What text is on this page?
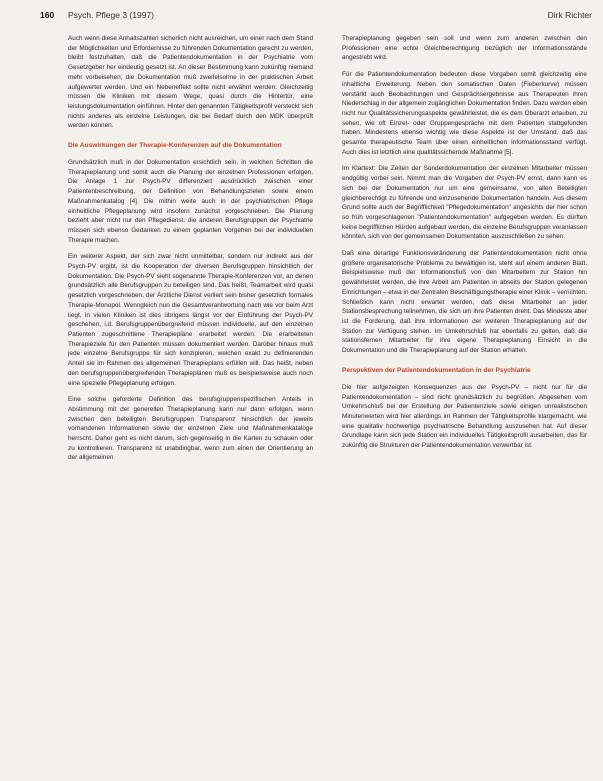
160 Psych. Pflege 3 (1997)	Dirk Richter

Auch wenn diese Anhaltszahlen sicherlich nicht ausreichen, um einer nach dem Stand der Möglichkeiten und Erfordernisse zu führenden Dokumentation gerecht zu werden, bleibt festzuhalten, daß die Patientendokumentation in der Psychiatrie vom Gesetzgeber her eindeutig gesetzt ist. An dieser Bestimmung kann zukünftig niemand mehr vorbeisehen; die Dokumentation muß zweifelsohne in der praktischen Arbeit aufgewertet werden. Und ein Nebeneffekt sollte nicht erwähnt werden: Gleichzeitig müssen die Kliniken mit diesem Wege, quasi durch die Hintertür, eine leistungsdokumentation einführen. Hinter den genannten Tätigkeitsprofil versteckt sich nichts anderes als einzelne Leistungen, die bei Bedarf durch den MDK überprüft werden können.

Die Auswirkungen der Therapie-Konferenzen auf die Dokumentation

Grundsätzlich muß in der Dokumentation ersichtlich sein, in welchen Schritten die Therapieplanung und somit auch die Planung der einzelnen Professionen erfolgen. Die Anlage 1 zur Psych-PV differenziert ausdrücklich zwischen einer Patientenbeschreibung, der Definition von Behandlungszielen sowie einem Maßnahmenkatalog [4]. Die mithin weite auch in der psychiatrischen Pflege einheitliche Pflegeplanung wird insofern zunächst vorgeschrieben. Die Planung bezieht aber nicht nur den Pflegedienst: die anderen Berufsgruppen der Psychiatrie müssen sich ebenso Gedanken zu einem geplanten Vorgehen bei der individuellen Therapie machen.

Ein weiterer Aspekt, der sich zwar nicht unmittelbar, sondern nur indirekt aus der Psych-PV ergibt, ist die Kooperation der diversen Berufsgruppen hinsichtlich der Dokumentation. Die Psych-PV sieht sogenannte Therapie-Konferenzen vor, an denen grundsätzlich alle Berufsgruppen zu beteiligen sind. Das heißt, Teamarbeit wird quasi gesetzlich vorgeschrieben, der Ärztliche Dienst verliert sein bisher gesetzlich formales Therapie-Monopol. Wenngleich nun die Gesamtverantwortung nach wie vor beim Arzt liegt, in vielen Kliniken ist dies übrigens längst vor der Einführung der Psych-PV geschehen, i.d. Berufsgruppenübergreifend müssen individuelle, auf den einzelnen Patienten zugeschnittene Therapiepläne erarbeitet werden. Die erarbeiteten Therapieziele für den Patienten müssen dokumentiert werden. Darüber hinaus muß jede einzelne Berufsgruppe für sich konzipieren, welchen exakt zu definierenden Anteil sie im Rahmen des allgemeinen Therapieplans erfüllen will. Das heißt, neben den berufsgruppenübergreifenden Therapieplänen muß es beispielsweise auch noch eine spezielle Pflegeplanung erfolgen.

Eine solche geforderte Definition des berufsgruppenspezifischen Anteils in Abstimmung mit der generellen Therapieplanung kann nur dann erfolgen, wenn zwischen den beteiligten Berufsgruppen Transparenz hinsichtlich der jeweils vorhandenen Informationen sowie der einzelnen Ziele und Maßnahmenkataloge herrscht. Daher geht es nicht darum, sich gegenseitig in die Karten zu schauen oder zu kontrollieren. Transparenz ist unabdingbar, wenn zum einen der Orientierung an der allgemeinen

Therapieplanung gegeben sein soll und wenn zum anderen zwischen den Professionen eine echte Gleichberechtigung bezüglich der Informationsstände angestrebt wird.

Für die Patientendokumentation bedeuten diese Vorgaben somit gleichzeitig eine inhaltliche Erweiterung. Neben den somatischen Daten (Fieberkurve) müssen verstärkt auch Beobachtungen und Gesprächsergebnisse aus Therapeuten ihren Niederschlag in der allgemein zugänglichen Dokumentation finden. Dazu werden eben nicht nur Qualitätssicherungsaspekte gewährleistet, die es dem Oberarzt erlauben, zu sehen, wie oft Einzel- oder Gruppengespräche mit dem Patienten stattgefunden haben. Mindestens ebenso wichtig wie diese Aspekte ist der Umstand, daß das gesamte therapeutische Team über einen einheitlichen Informationsstand verfügt. Auch dies ist letztlich eine qualitätssichernde Maßnahme [5].

Im Klartext: Die Zeiten der Sonderdokumentation der einzelnen Mitarbeiter müssen endgültig vorbei sein. Nimmt man die Vorgaben der Psych-PV ernst, dann kann es sich bei der Dokumentation nur um eine gemeinsame, von allen Beteiligten gleichberechtigt zu führende und einzusehende Dokumentation handeln. Aus diesem Grund sollte auch der Begrifflichkeit "Pflegedokumentation" angesichts der hier schon so früh vorgeschlagenen "Patientendokumentation" aufgegeben werden. Es dürften keine begrifflichen Hürden aufgebaut werden, die einzelne Berufsgruppen veranlassen könnten, sich von der gemeinsamen Dokumentation auszuschließen zu sehen.

Daß eine derartige Funktionsveränderung der Patientendokumentation nicht ohne größere organisatorische Probleme zu bewältigen ist, steht auf einem anderen Blatt. Beispielsweise muß der Informationsfluß von den Mitarbeitern zur Station hin gewährleistet werden, die ihre Arbeit am Patienten in abseits der Station gelegenen Einrichtungen – etwa in der Zentralen Beschäftigungstherapie einer Klinik – verrichten. Schließlich kann nicht erwartet werden, daß diese Mitarbeiter an jeder Stationsbesprechung teilnehmen, die sich um ihre Patienten dreht. Das Mindeste aber ist die Forderung, daß ihre Informationen der weiteren Therapieplanung auf der Station zur Verfügung stehen. Im Umkehrschluß hat ebenfalls zu gelten, daß die stationsfernen Mitarbeiter für ihre eigene Therapieplanung Einsicht in die Dokumentation und die Therapieplanung auf der Station erhalten.

Perspektiven der Patientendokumentation in der Psychiatrie

Die hier aufgezeigten Konsequenzen aus der Psych-PV – nicht nur für die Patientendokumentation – sind nicht grundsätzlich zu begrüßen. Abgesehen vom Umkehrschluß bei der Erstellung der Patientenziele sowie einigen unrealistischen Minutenwerten wird hier allerdings im Rahmen der Tätigkeitsprofile klargemacht, wie eine qualitativ hochwertige psychiatrische Behandlung auszusehen hat. Auf dieser Grundlage kann sich jede Station ein individuelles Tätigkeitsprofil ausarbeiten, das für zukünftig die Strukturen der Patientendokumentation verwertbar ist.
